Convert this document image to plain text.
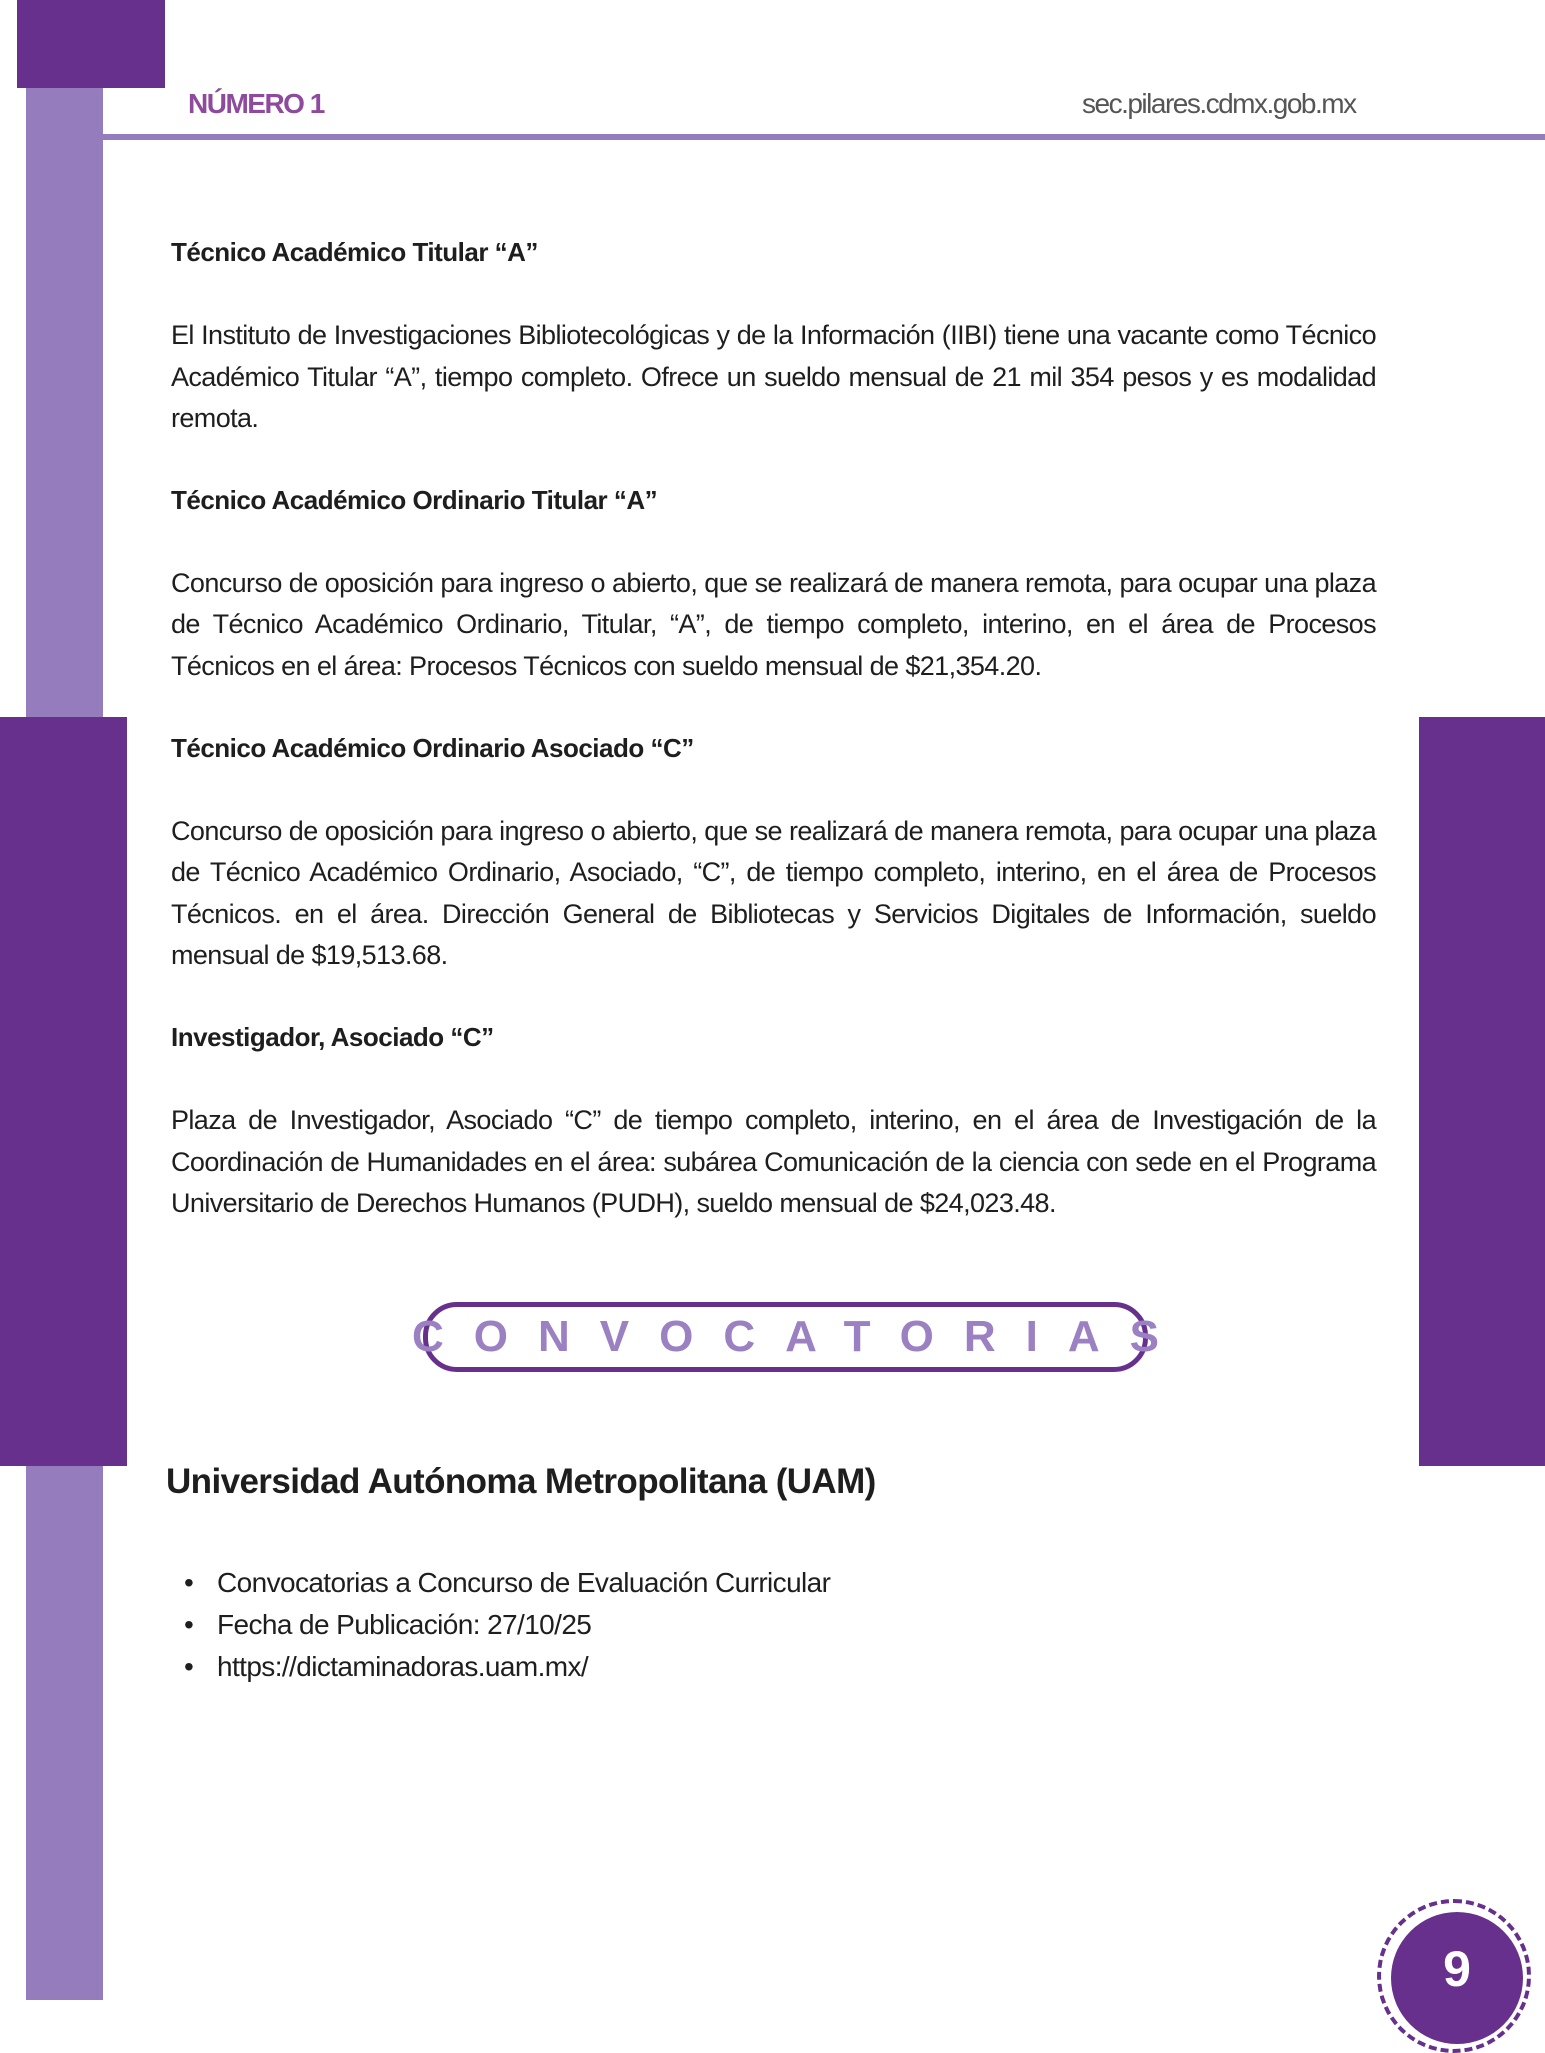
NÚMERO 1	sec.pilares.cdmx.gob.mx
Técnico Académico Titular “A”
El Instituto de Investigaciones Bibliotecológicas y de la Información (IIBI) tiene una vacante como Técnico Académico Titular “A”, tiempo completo. Ofrece un sueldo mensual de 21 mil 354 pesos y es modalidad remota.
Técnico Académico Ordinario Titular “A”
Concurso de oposición para ingreso o abierto, que se realizará de manera remota, para ocupar una plaza de Técnico Académico Ordinario, Titular, “A”, de tiempo completo, interino, en el área de Procesos Técnicos en el área: Procesos Técnicos con sueldo mensual de $21,354.20.
Técnico Académico Ordinario Asociado “C”
Concurso de oposición para ingreso o abierto, que se realizará de manera remota, para ocupar una plaza de Técnico Académico Ordinario, Asociado, “C”, de tiempo completo, interino, en el área de Procesos Técnicos. en el área. Dirección General de Bibliotecas y Servicios Digitales de Información, sueldo mensual de $19,513.68.
Investigador, Asociado “C”
Plaza de Investigador, Asociado “C” de tiempo completo, interino, en el área de Investigación de la Coordinación de Humanidades en el área: subárea Comunicación de la ciencia con sede en el Programa Universitario de Derechos Humanos (PUDH), sueldo mensual de $24,023.48.
CONVOCATORIAS
Universidad Autónoma Metropolitana (UAM)
• Convocatorias a Concurso de Evaluación Curricular
• Fecha de Publicación: 27/10/25
• https://dictaminadoras.uam.mx/
9
